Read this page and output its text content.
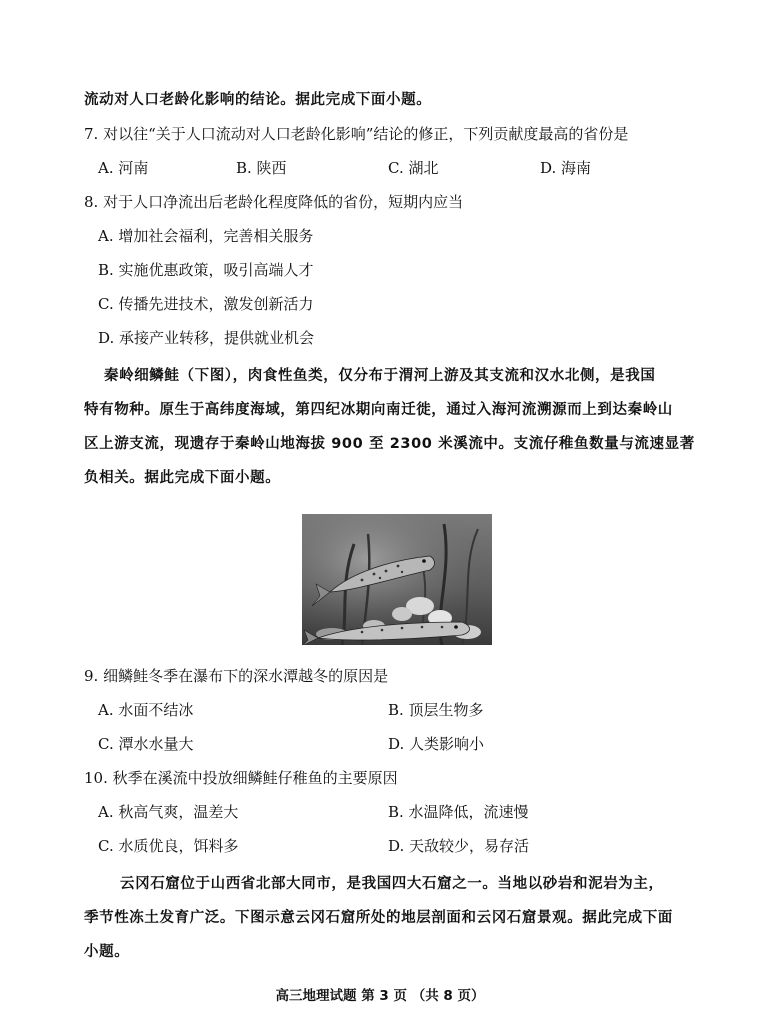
流动对人口老龄化影响的结论。据此完成下面小题。
7. 对以往“关于人口流动对人口老龄化影响”结论的修正，下列贡献度最高的省份是
A. 河南	B. 陕西	C. 湖北	D. 海南
8. 对于人口净流出后老龄化程度降低的省份，短期内应当
A. 增加社会福利，完善相关服务
B. 实施优惠政策，吸引高端人才
C. 传播先进技术，激发创新活力
D. 承接产业转移，提供就业机会
秦岭细鳞鲑（下图），肉食性鱼类，仅分布于渭河上游及其支流和汉水北侧，是我国
特有物种。原生于高纬度海域，第四纪冰期向南迁徙，通过入海河流溯源而上到达秦岭山
区上游支流，现遗存于秦岭山地海拔 900 至 2300 米溪流中。支流仔稚鱼数量与流速显著
负相关。据此完成下面小题。
9. 细鳞鲑冬季在瀑布下的深水潭越冬的原因是
A. 水面不结冰	B. 顶层生物多
C. 潭水水量大	D. 人类影响小
10. 秋季在溪流中投放细鳞鲑仔稚鱼的主要原因
A. 秋高气爽，温差大	B. 水温降低，流速慢
C. 水质优良，饵料多	D. 天敌较少，易存活
云冈石窟位于山西省北部大同市，是我国四大石窟之一。当地以砂岩和泥岩为主，
季节性冻土发育广泛。下图示意云冈石窟所处的地层剖面和云冈石窟景观。据此完成下面
小题。
高三地理试题 第 3 页 （共 8 页）
